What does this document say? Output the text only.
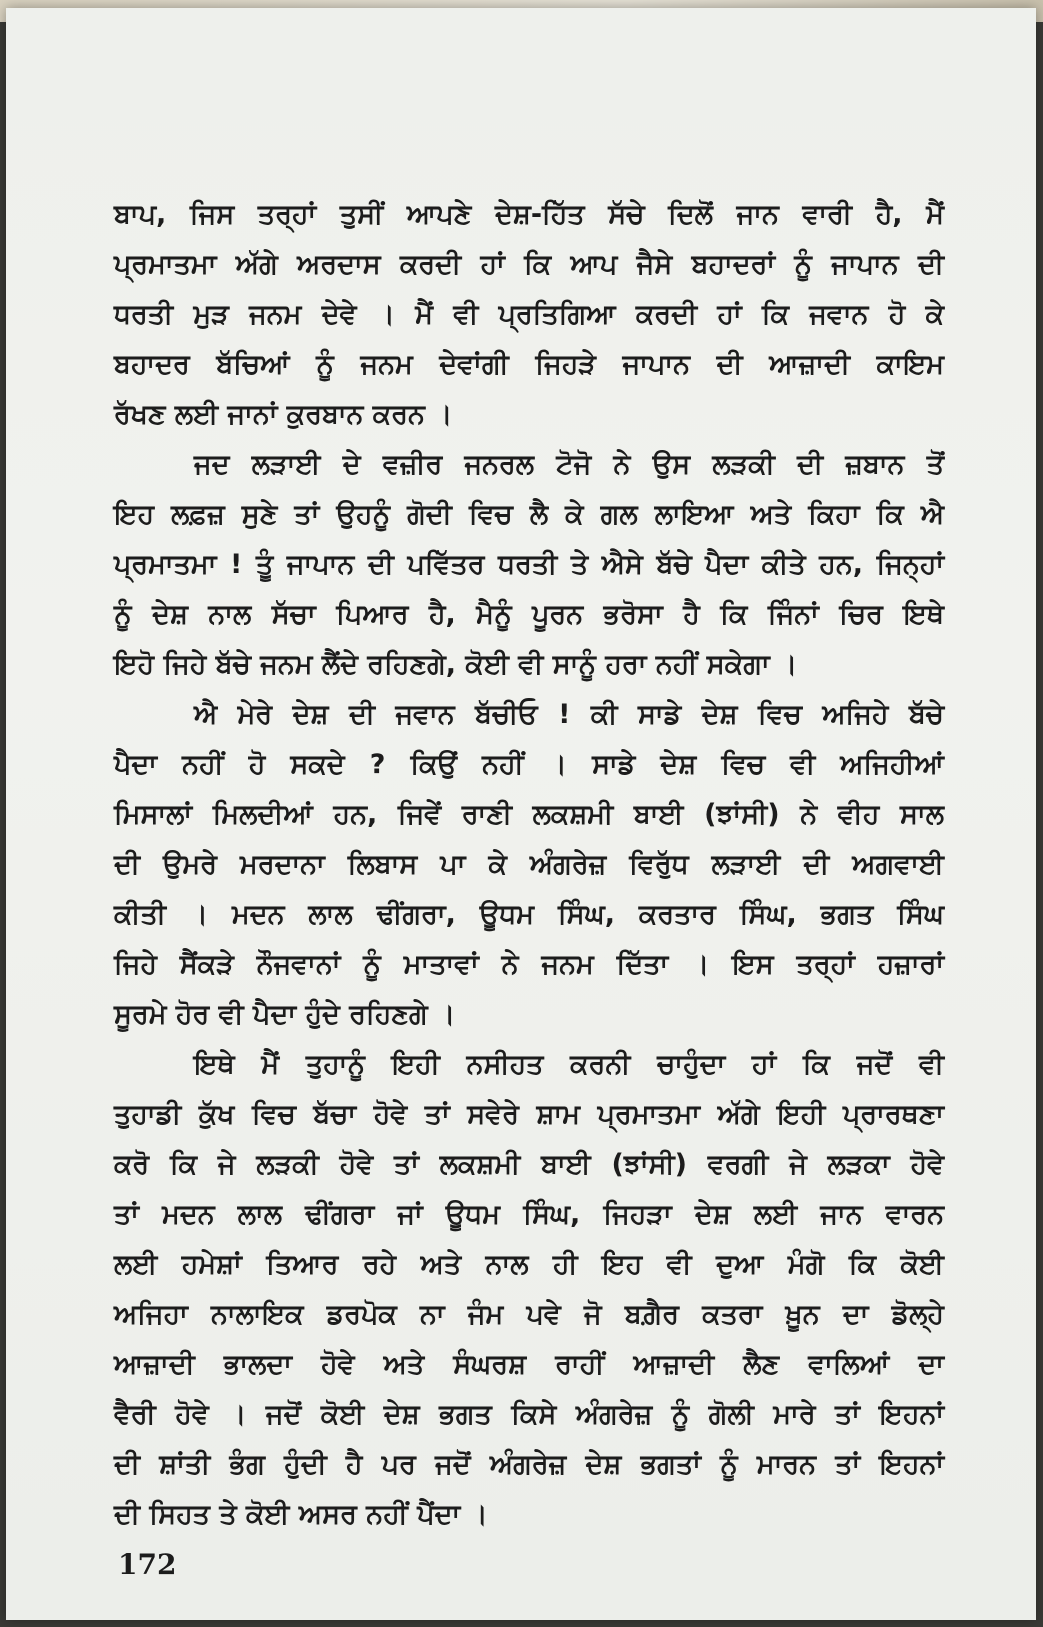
ਬਾਪ, ਜਿਸ ਤਰ੍ਹਾਂ ਤੁਸੀਂ ਆਪਣੇ ਦੇਸ਼-ਹਿੱਤ ਸੱਚੇ ਦਿਲੋਂ ਜਾਨ ਵਾਰੀ ਹੈ, ਮੈਂ
ਪ੍ਰਮਾਤਮਾ ਅੱਗੇ ਅਰਦਾਸ ਕਰਦੀ ਹਾਂ ਕਿ ਆਪ ਜੈਸੇ ਬਹਾਦਰਾਂ ਨੂੰ ਜਾਪਾਨ ਦੀ
ਧਰਤੀ ਮੁੜ ਜਨਮ ਦੇਵੇ । ਮੈਂ ਵੀ ਪ੍ਰਤਿਗਿਆ ਕਰਦੀ ਹਾਂ ਕਿ ਜਵਾਨ ਹੋ ਕੇ
ਬਹਾਦਰ ਬੱਚਿਆਂ ਨੂੰ ਜਨਮ ਦੇਵਾਂਗੀ ਜਿਹੜੇ ਜਾਪਾਨ ਦੀ ਆਜ਼ਾਦੀ ਕਾਇਮ
ਰੱਖਣ ਲਈ ਜਾਨਾਂ ਕੁਰਬਾਨ ਕਰਨ ।
ਜਦ ਲੜਾਈ ਦੇ ਵਜ਼ੀਰ ਜਨਰਲ ਟੋਜੋ ਨੇ ਉਸ ਲੜਕੀ ਦੀ ਜ਼ਬਾਨ ਤੋਂ
ਇਹ ਲਫ਼ਜ਼ ਸੁਣੇ ਤਾਂ ਉਹਨੂੰ ਗੋਦੀ ਵਿਚ ਲੈ ਕੇ ਗਲ ਲਾਇਆ ਅਤੇ ਕਿਹਾ ਕਿ ਐ
ਪ੍ਰਮਾਤਮਾ ! ਤੂੰ ਜਾਪਾਨ ਦੀ ਪਵਿੱਤਰ ਧਰਤੀ ਤੇ ਐਸੇ ਬੱਚੇ ਪੈਦਾ ਕੀਤੇ ਹਨ, ਜਿਨ੍ਹਾਂ
ਨੂੰ ਦੇਸ਼ ਨਾਲ ਸੱਚਾ ਪਿਆਰ ਹੈ, ਮੈਨੂੰ ਪੂਰਨ ਭਰੋਸਾ ਹੈ ਕਿ ਜਿੰਨਾਂ ਚਿਰ ਇਥੇ
ਇਹੋ ਜਿਹੇ ਬੱਚੇ ਜਨਮ ਲੈਂਦੇ ਰਹਿਣਗੇ, ਕੋਈ ਵੀ ਸਾਨੂੰ ਹਰਾ ਨਹੀਂ ਸਕੇਗਾ ।
ਐ ਮੇਰੇ ਦੇਸ਼ ਦੀ ਜਵਾਨ ਬੱਚੀਓ ! ਕੀ ਸਾਡੇ ਦੇਸ਼ ਵਿਚ ਅਜਿਹੇ ਬੱਚੇ
ਪੈਦਾ ਨਹੀਂ ਹੋ ਸਕਦੇ ? ਕਿਉਂ ਨਹੀਂ । ਸਾਡੇ ਦੇਸ਼ ਵਿਚ ਵੀ ਅਜਿਹੀਆਂ
ਮਿਸਾਲਾਂ ਮਿਲਦੀਆਂ ਹਨ, ਜਿਵੇਂ ਰਾਣੀ ਲਕਸ਼ਮੀ ਬਾਈ (ਝਾਂਸੀ) ਨੇ ਵੀਹ ਸਾਲ
ਦੀ ਉਮਰੇ ਮਰਦਾਨਾ ਲਿਬਾਸ ਪਾ ਕੇ ਅੰਗਰੇਜ਼ ਵਿਰੁੱਧ ਲੜਾਈ ਦੀ ਅਗਵਾਈ
ਕੀਤੀ । ਮਦਨ ਲਾਲ ਢੀਂਗਰਾ, ਊਧਮ ਸਿੰਘ, ਕਰਤਾਰ ਸਿੰਘ, ਭਗਤ ਸਿੰਘ
ਜਿਹੇ ਸੈਂਕੜੇ ਨੌਜਵਾਨਾਂ ਨੂੰ ਮਾਤਾਵਾਂ ਨੇ ਜਨਮ ਦਿੱਤਾ । ਇਸ ਤਰ੍ਹਾਂ ਹਜ਼ਾਰਾਂ
ਸੂਰਮੇ ਹੋਰ ਵੀ ਪੈਦਾ ਹੁੰਦੇ ਰਹਿਣਗੇ ।
ਇਥੇ ਮੈਂ ਤੁਹਾਨੂੰ ਇਹੀ ਨਸੀਹਤ ਕਰਨੀ ਚਾਹੁੰਦਾ ਹਾਂ ਕਿ ਜਦੋਂ ਵੀ
ਤੁਹਾਡੀ ਕੁੱਖ ਵਿਚ ਬੱਚਾ ਹੋਵੇ ਤਾਂ ਸਵੇਰੇ ਸ਼ਾਮ ਪ੍ਰਮਾਤਮਾ ਅੱਗੇ ਇਹੀ ਪ੍ਰਾਰਥਣਾ
ਕਰੋ ਕਿ ਜੇ ਲੜਕੀ ਹੋਵੇ ਤਾਂ ਲਕਸ਼ਮੀ ਬਾਈ (ਝਾਂਸੀ) ਵਰਗੀ ਜੇ ਲੜਕਾ ਹੋਵੇ
ਤਾਂ ਮਦਨ ਲਾਲ ਢੀਂਗਰਾ ਜਾਂ ਊਧਮ ਸਿੰਘ, ਜਿਹੜਾ ਦੇਸ਼ ਲਈ ਜਾਨ ਵਾਰਨ
ਲਈ ਹਮੇਸ਼ਾਂ ਤਿਆਰ ਰਹੇ ਅਤੇ ਨਾਲ ਹੀ ਇਹ ਵੀ ਦੁਆ ਮੰਗੋ ਕਿ ਕੋਈ
ਅਜਿਹਾ ਨਾਲਾਇਕ ਡਰਪੋਕ ਨਾ ਜੰਮ ਪਵੇ ਜੋ ਬਗ਼ੈਰ ਕਤਰਾ ਖ਼ੂਨ ਦਾ ਡੋਲ੍ਹੇ
ਆਜ਼ਾਦੀ ਭਾਲਦਾ ਹੋਵੇ ਅਤੇ ਸੰਘਰਸ਼ ਰਾਹੀਂ ਆਜ਼ਾਦੀ ਲੈਣ ਵਾਲਿਆਂ ਦਾ
ਵੈਰੀ ਹੋਵੇ । ਜਦੋਂ ਕੋਈ ਦੇਸ਼ ਭਗਤ ਕਿਸੇ ਅੰਗਰੇਜ਼ ਨੂੰ ਗੋਲੀ ਮਾਰੇ ਤਾਂ ਇਹਨਾਂ
ਦੀ ਸ਼ਾਂਤੀ ਭੰਗ ਹੁੰਦੀ ਹੈ ਪਰ ਜਦੋਂ ਅੰਗਰੇਜ਼ ਦੇਸ਼ ਭਗਤਾਂ ਨੂੰ ਮਾਰਨ ਤਾਂ ਇਹਨਾਂ
ਦੀ ਸਿਹਤ ਤੇ ਕੋਈ ਅਸਰ ਨਹੀਂ ਪੈਂਦਾ ।
172
